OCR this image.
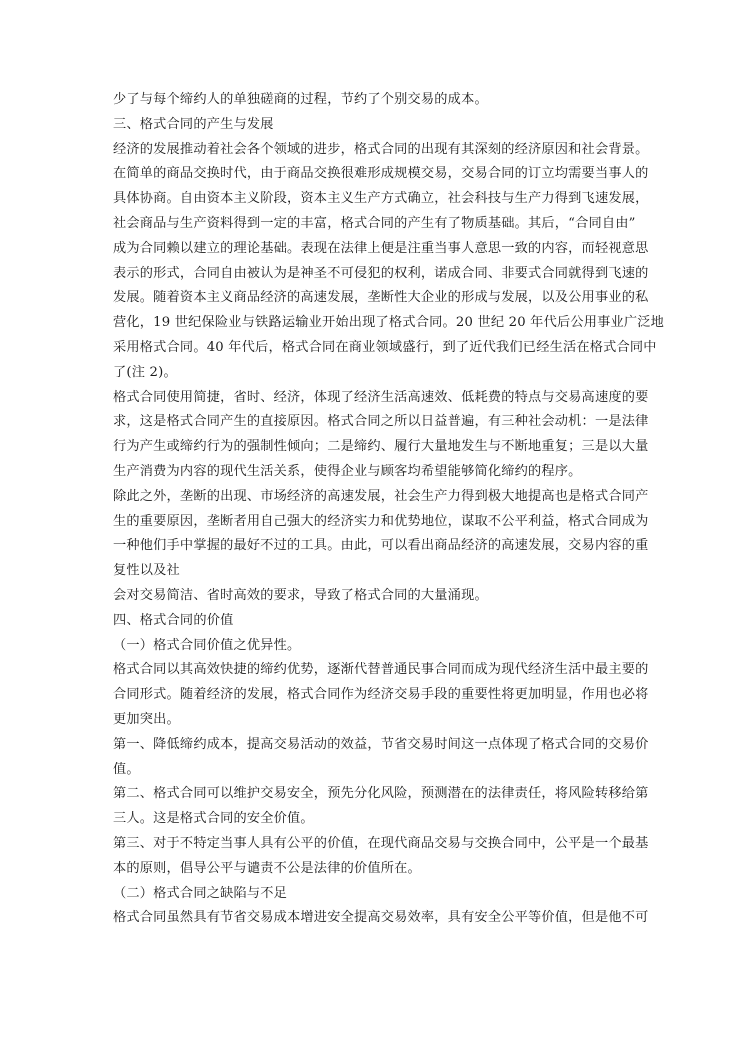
少了与每个缔约人的单独磋商的过程，节约了个别交易的成本。
三、格式合同的产生与发展
经济的发展推动着社会各个领域的进步，格式合同的出现有其深刻的经济原因和社会背景。
在简单的商品交换时代，由于商品交换很难形成规模交易，交易合同的订立均需要当事人的
具体协商。自由资本主义阶段，资本主义生产方式确立，社会科技与生产力得到飞速发展，
社会商品与生产资料得到一定的丰富，格式合同的产生有了物质基础。其后，“合同自由”
成为合同赖以建立的理论基础。表现在法律上便是注重当事人意思一致的内容，而轻视意思
表示的形式，合同自由被认为是神圣不可侵犯的权利，诺成合同、非要式合同就得到飞速的
发展。随着资本主义商品经济的高速发展，垄断性大企业的形成与发展，以及公用事业的私
营化，19 世纪保险业与铁路运输业开始出现了格式合同。20 世纪 20 年代后公用事业广泛地
采用格式合同。40 年代后，格式合同在商业领域盛行，到了近代我们已经生活在格式合同中
了(注 2)。
格式合同使用简捷，省时、经济，体现了经济生活高速效、低耗费的特点与交易高速度的要
求，这是格式合同产生的直接原因。格式合同之所以日益普遍，有三种社会动机：一是法律
行为产生或缔约行为的强制性倾向；二是缔约、履行大量地发生与不断地重复；三是以大量
生产消费为内容的现代生活关系，使得企业与顾客均希望能够简化缔约的程序。
除此之外，垄断的出现、市场经济的高速发展，社会生产力得到极大地提高也是格式合同产
生的重要原因，垄断者用自己强大的经济实力和优势地位，谋取不公平利益，格式合同成为
一种他们手中掌握的最好不过的工具。由此，可以看出商品经济的高速发展，交易内容的重
复性以及社
会对交易简洁、省时高效的要求，导致了格式合同的大量涌现。
四、格式合同的价值
（一）格式合同价值之优异性。
格式合同以其高效快捷的缔约优势，逐渐代替普通民事合同而成为现代经济生活中最主要的
合同形式。随着经济的发展，格式合同作为经济交易手段的重要性将更加明显，作用也必将
更加突出。
第一、降低缔约成本，提高交易活动的效益，节省交易时间这一点体现了格式合同的交易价
值。
第二、格式合同可以维护交易安全，预先分化风险，预测潜在的法律责任，将风险转移给第
三人。这是格式合同的安全价值。
第三、对于不特定当事人具有公平的价值，在现代商品交易与交换合同中，公平是一个最基
本的原则，倡导公平与谴责不公是法律的价值所在。
（二）格式合同之缺陷与不足
格式合同虽然具有节省交易成本增进安全提高交易效率，具有安全公平等价值，但是他不可
